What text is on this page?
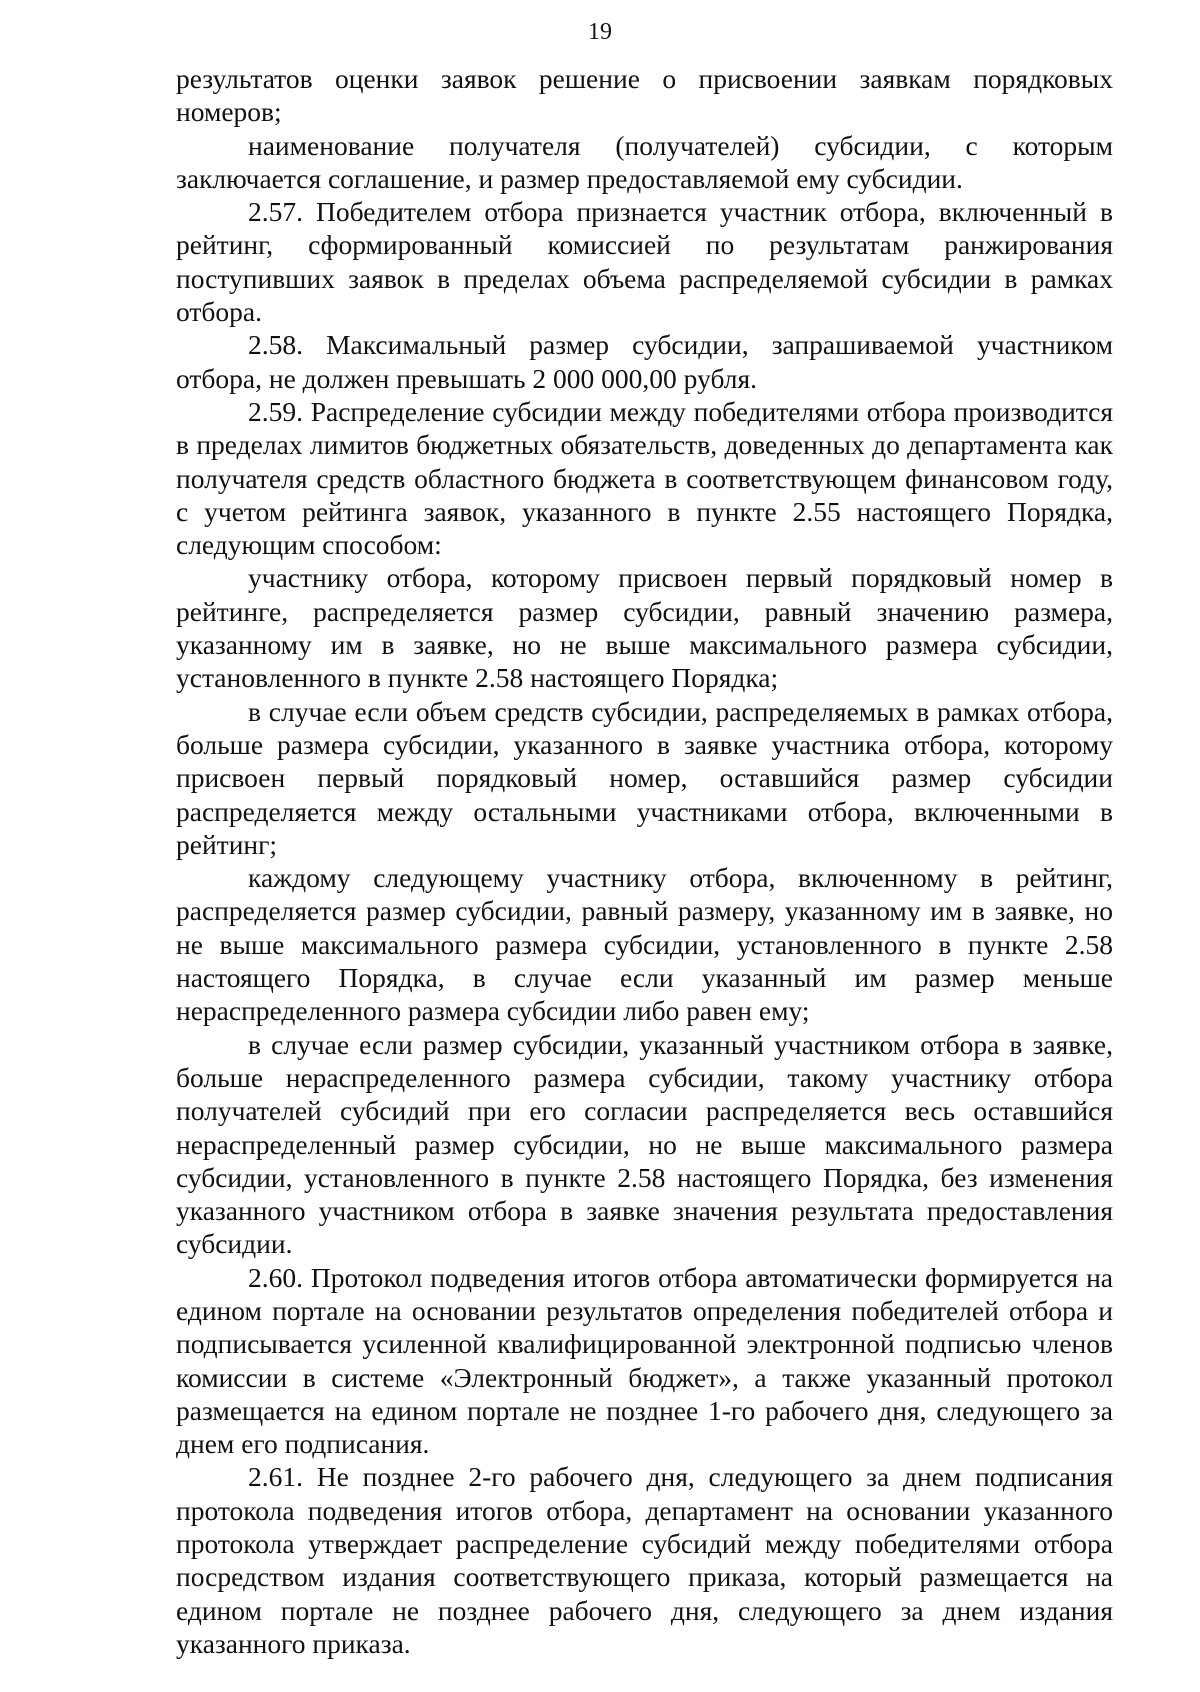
19

результатов оценки заявок решение о присвоении заявкам порядковых номеров;

наименование получателя (получателей) субсидии, с которым заключается соглашение, и размер предоставляемой ему субсидии.

2.57. Победителем отбора признается участник отбора, включенный в рейтинг, сформированный комиссией по результатам ранжирования поступивших заявок в пределах объема распределяемой субсидии в рамках отбора.

2.58. Максимальный размер субсидии, запрашиваемой участником отбора, не должен превышать 2 000 000,00 рубля.

2.59. Распределение субсидии между победителями отбора производится в пределах лимитов бюджетных обязательств, доведенных до департамента как получателя средств областного бюджета в соответствующем финансовом году, с учетом рейтинга заявок, указанного в пункте 2.55 настоящего Порядка, следующим способом:

участнику отбора, которому присвоен первый порядковый номер в рейтинге, распределяется размер субсидии, равный значению размера, указанному им в заявке, но не выше максимального размера субсидии, установленного в пункте 2.58 настоящего Порядка;

в случае если объем средств субсидии, распределяемых в рамках отбора, больше размера субсидии, указанного в заявке участника отбора, которому присвоен первый порядковый номер, оставшийся размер субсидии распределяется между остальными участниками отбора, включенными в рейтинг;

каждому следующему участнику отбора, включенному в рейтинг, распределяется размер субсидии, равный размеру, указанному им в заявке, но не выше максимального размера субсидии, установленного в пункте 2.58 настоящего Порядка, в случае если указанный им размер меньше нераспределенного размера субсидии либо равен ему;

в случае если размер субсидии, указанный участником отбора в заявке, больше нераспределенного размера субсидии, такому участнику отбора получателей субсидий при его согласии распределяется весь оставшийся нераспределенный размер субсидии, но не выше максимального размера субсидии, установленного в пункте 2.58 настоящего Порядка, без изменения указанного участником отбора в заявке значения результата предоставления субсидии.

2.60. Протокол подведения итогов отбора автоматически формируется на едином портале на основании результатов определения победителей отбора и подписывается усиленной квалифицированной электронной подписью членов комиссии в системе «Электронный бюджет», а также указанный протокол размещается на едином портале не позднее 1-го рабочего дня, следующего за днем его подписания.

2.61. Не позднее 2-го рабочего дня, следующего за днем подписания протокола подведения итогов отбора, департамент на основании указанного протокола утверждает распределение субсидий между победителями отбора посредством издания соответствующего приказа, который размещается на едином портале не позднее рабочего дня, следующего за днем издания указанного приказа.
